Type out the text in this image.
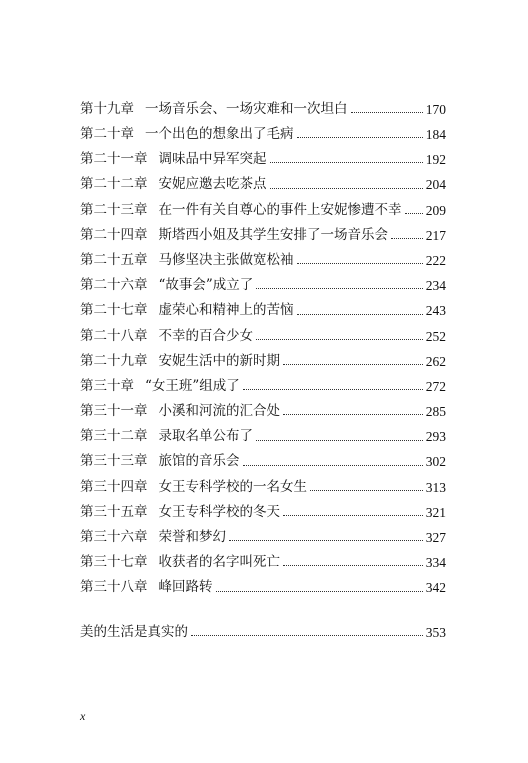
第十九章 一场音乐会、一场灾难和一次坦白	170
第二十章 一个出色的想象出了毛病	184
第二十一章 调味品中异军突起	192
第二十二章 安妮应邀去吃茶点	204
第二十三章 在一件有关自尊心的事件上安妮惨遭不幸 209
第二十四章 斯塔西小姐及其学生安排了一场音乐会	217
第二十五章 马修坚决主张做宽松袖	222
第二十六章 “故事会”成立了	234
第二十七章 虚荣心和精神上的苦恼	243
第二十八章 不幸的百合少女	252
第二十九章 安妮生活中的新时期	262
第三十章 “女王班”组成了	272
第三十一章 小溪和河流的汇合处	285
第三十二章 录取名单公布了	293
第三十三章 旅馆的音乐会	302
第三十四章 女王专科学校的一名女生	313
第三十五章 女王专科学校的冬天	321
第三十六章 荣誉和梦幻	327
第三十七章 收获者的名字叫死亡	334
第三十八章 峰回路转	342
美的生活是真实的	353
x
